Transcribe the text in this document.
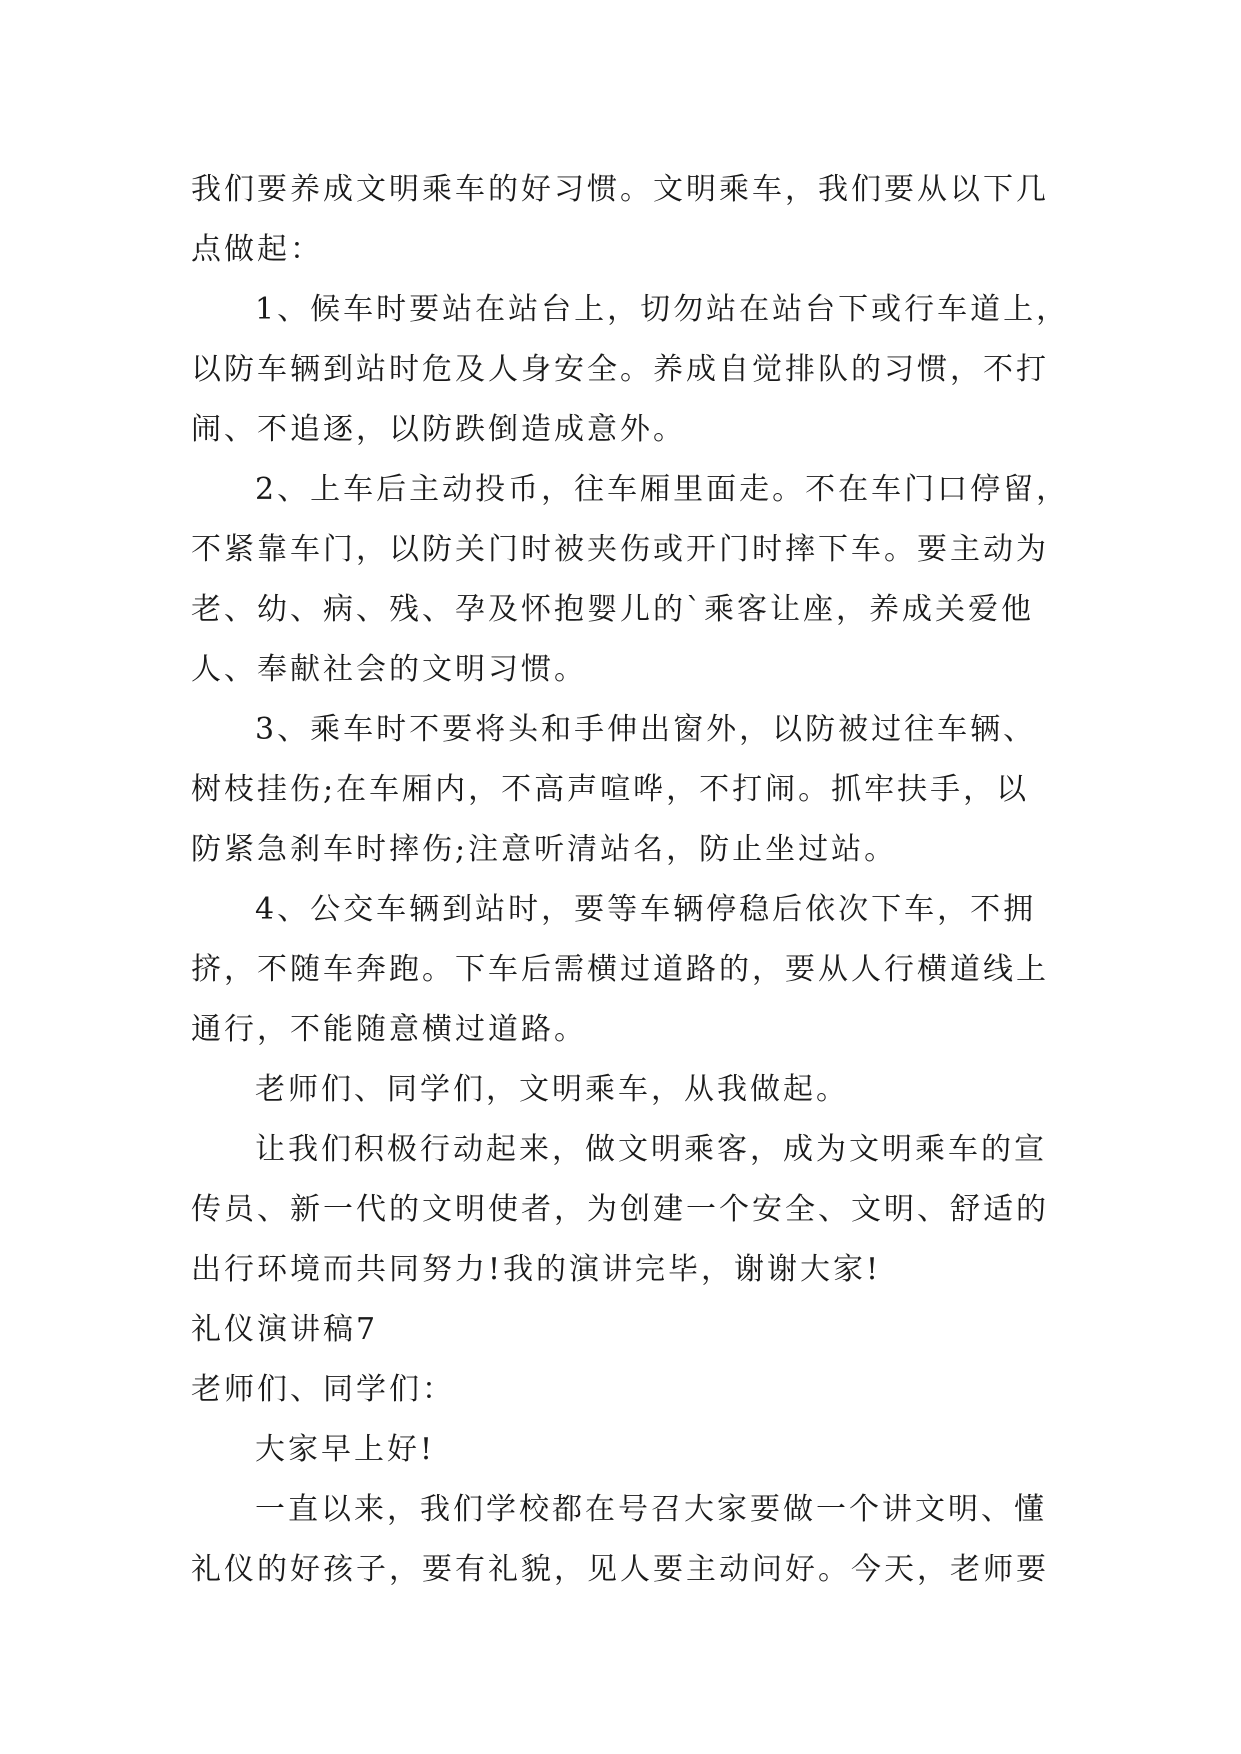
我们要养成文明乘车的好习惯。文明乘车，我们要从以下几
点做起：
1、候车时要站在站台上，切勿站在站台下或行车道上，
以防车辆到站时危及人身安全。养成自觉排队的习惯，不打
闹、不追逐，以防跌倒造成意外。
2、上车后主动投币，往车厢里面走。不在车门口停留，
不紧靠车门，以防关门时被夹伤或开门时摔下车。要主动为
老、幼、病、残、孕及怀抱婴儿的`乘客让座，养成关爱他
人、奉献社会的文明习惯。
3、乘车时不要将头和手伸出窗外，以防被过往车辆、
树枝挂伤;在车厢内，不高声喧哗，不打闹。抓牢扶手，以
防紧急刹车时摔伤;注意听清站名，防止坐过站。
4、公交车辆到站时，要等车辆停稳后依次下车，不拥
挤，不随车奔跑。下车后需横过道路的，要从人行横道线上
通行，不能随意横过道路。
老师们、同学们，文明乘车，从我做起。
让我们积极行动起来，做文明乘客，成为文明乘车的宣
传员、新一代的文明使者，为创建一个安全、文明、舒适的
出行环境而共同努力!我的演讲完毕，谢谢大家!
礼仪演讲稿7
老师们、同学们：
大家早上好!
一直以来，我们学校都在号召大家要做一个讲文明、懂
礼仪的好孩子，要有礼貌，见人要主动问好。今天，老师要
